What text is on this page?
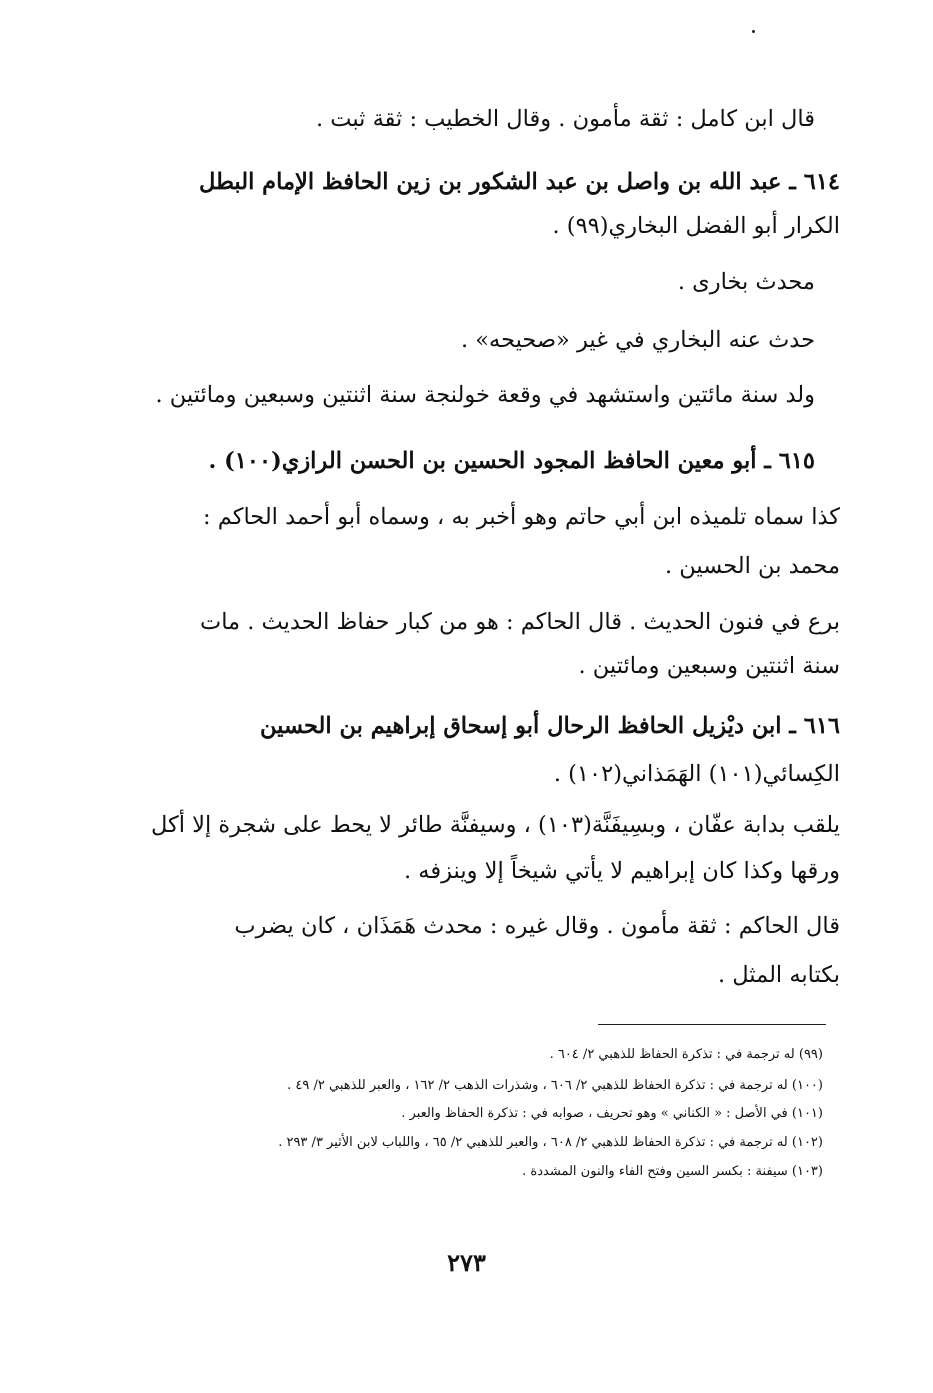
قال ابن كامل : ثقة مأمون . وقال الخطيب : ثقة ثبت .
٦١٤ ـ عبد الله بن واصل بن عبد الشكور بن زين الحافظ الإمام البطل
الكرار أبو الفضل البخاري(٩٩) .
محدث بخارى .
حدث عنه البخاري في غير «صحيحه» .
ولد سنة مائتين واستشهد في وقعة خولنجة سنة اثنتين وسبعين ومائتين .
٦١٥ ـ أبو معين الحافظ المجود الحسين بن الحسن الرازي(١٠٠) .
كذا سماه تلميذه ابن أبي حاتم وهو أخبر به ، وسماه أبو أحمد الحاكم :
محمد بن الحسين .
برع في فنون الحديث . قال الحاكم : هو من كبار حفاظ الحديث . مات
سنة اثنتين وسبعين ومائتين .
٦١٦ ـ ابن ديْزيل الحافظ الرحال أبو إسحاق إبراهيم بن الحسين
الكِسائي(١٠١) الهَمَذاني(١٠٢) .
يلقب بدابة عفّان ، وبسِيفَنَّة(١٠٣) ، وسيفنَّة طائر لا يحط على شجرة إلا أكل
ورقها وكذا كان إبراهيم لا يأتي شيخاً إلا وينزفه .
قال الحاكم : ثقة مأمون . وقال غيره : محدث هَمَذَان ، كان يضرب
بكتابه المثل .
(٩٩) له ترجمة في : تذكرة الحفاظ للذهبي ٢/ ٦٠٤ .
(١٠٠) له ترجمة في : تذكرة الحفاظ للذهبي ٢/ ٦٠٦ ، وشذرات الذهب ٢/ ١٦٢ ، والعبر للذهبي ٢/ ٤٩ .
(١٠١) في الأصل : « الكناني » وهو تحريف ، صوابه في : تذكرة الحفاظ والعبر .
(١٠٢) له ترجمة في : تذكرة الحفاظ للذهبي ٢/ ٦٠٨ ، والعبر للذهبي ٢/ ٦٥ ، واللباب لابن الأثير ٣/ ٢٩٣ .
(١٠٣) سيفنة : بكسر السين وفتح الفاء والنون المشددة .
٢٧٣
